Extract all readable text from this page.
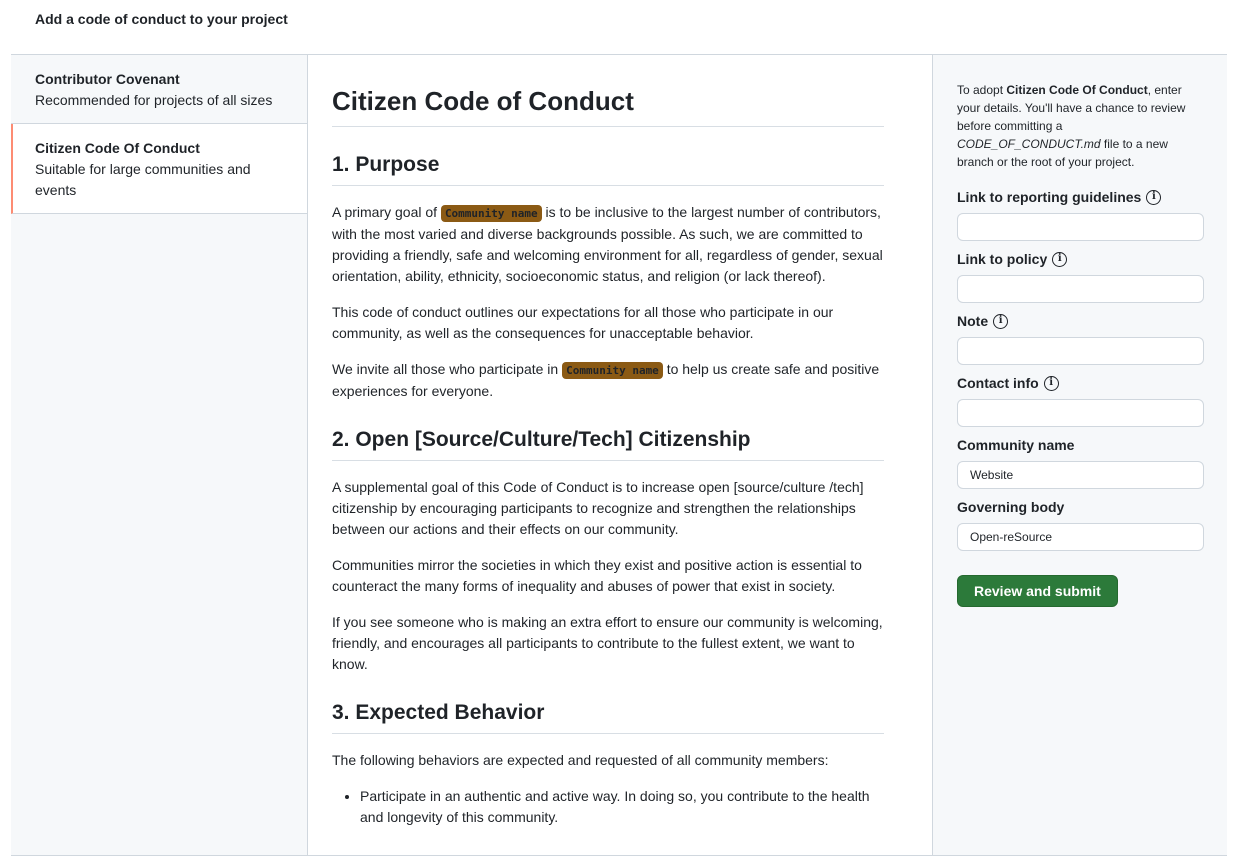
Add a code of conduct to your project
Contributor Covenant
Recommended for projects of all sizes
Citizen Code Of Conduct
Suitable for large communities and events
Citizen Code of Conduct
1. Purpose

A primary goal of Community name is to be inclusive to the largest number of contributors, with the most varied and diverse backgrounds possible. As such, we are committed to providing a friendly, safe and welcoming environment for all, regardless of gender, sexual orientation, ability, ethnicity, socioeconomic status, and religion (or lack thereof).

This code of conduct outlines our expectations for all those who participate in our community, as well as the consequences for unacceptable behavior.

We invite all those who participate in Community name to help us create safe and positive experiences for everyone.

2. Open [Source/Culture/Tech] Citizenship

A supplemental goal of this Code of Conduct is to increase open [source/culture /tech] citizenship by encouraging participants to recognize and strengthen the relationships between our actions and their effects on our community.

Communities mirror the societies in which they exist and positive action is essential to counteract the many forms of inequality and abuses of power that exist in society.

If you see someone who is making an extra effort to ensure our community is welcoming, friendly, and encourages all participants to contribute to the fullest extent, we want to know.

3. Expected Behavior

The following behaviors are expected and requested of all community members:

• Participate in an authentic and active way. In doing so, you contribute to the health and longevity of this community.
To adopt Citizen Code Of Conduct, enter your details. You'll have a chance to review before committing a CODE_OF_CONDUCT.md file to a new branch or the root of your project.
Link to reporting guidelines	i
Link to policy	i
Note	i
Contact info	i
Community name
Website
Governing body
Open-reSource
Review and submit
